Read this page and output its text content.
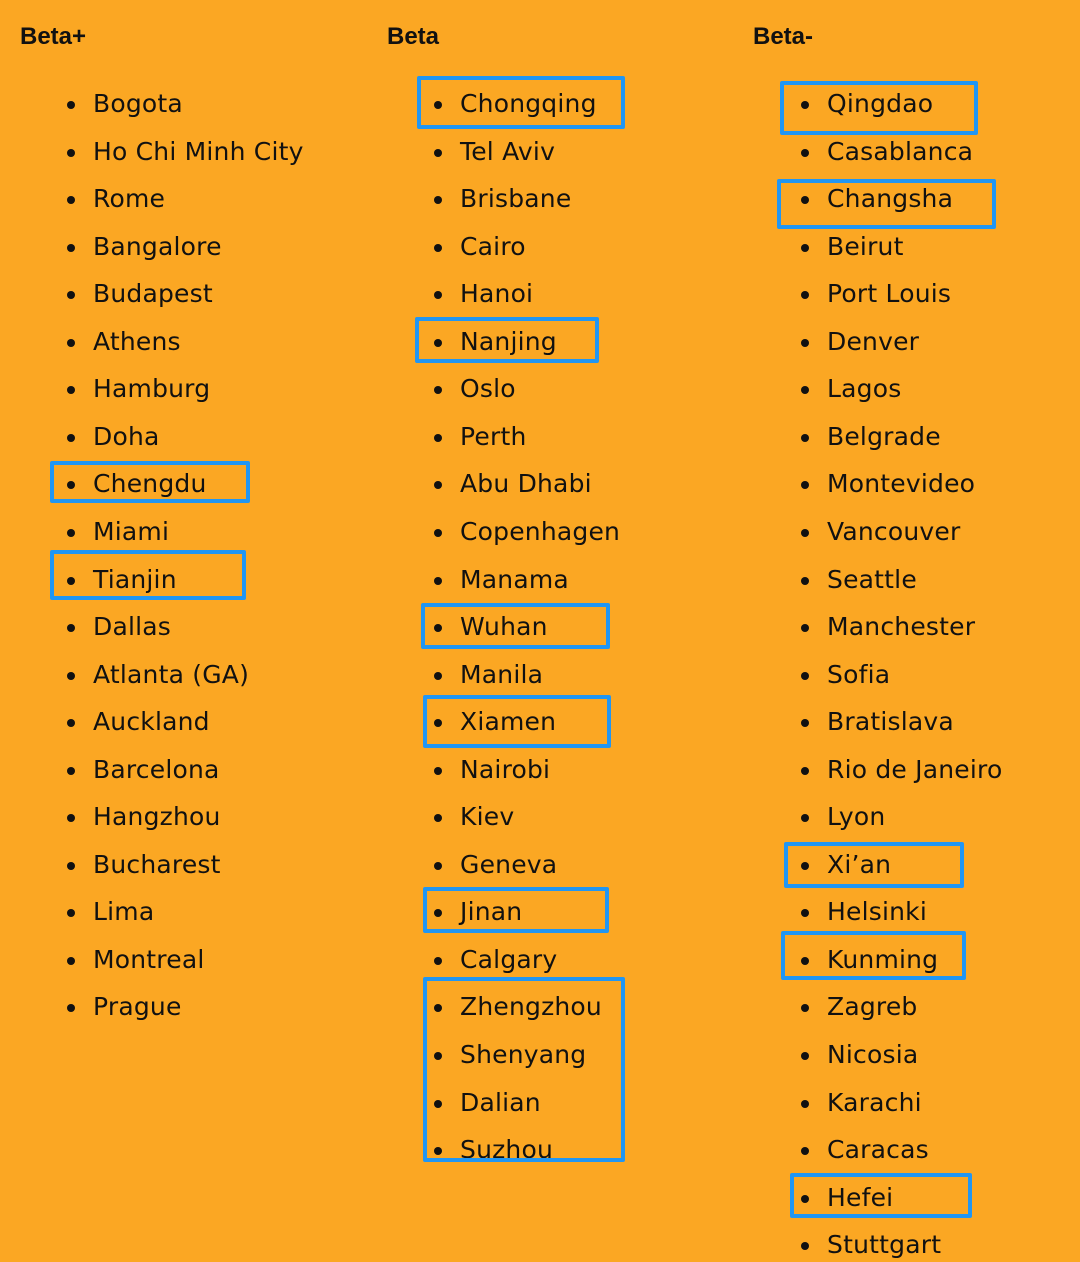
Beta+	Beta	Beta-
Bogota
Ho Chi Minh City
Rome
Bangalore
Budapest
Athens
Hamburg
Doha
Chengdu
Miami
Tianjin
Dallas
Atlanta (GA)
Auckland
Barcelona
Hangzhou
Bucharest
Lima
Montreal
Prague
Chongqing
Tel Aviv
Brisbane
Cairo
Hanoi
Nanjing
Oslo
Perth
Abu Dhabi
Copenhagen
Manama
Wuhan
Manila
Xiamen
Nairobi
Kiev
Geneva
Jinan
Calgary
Zhengzhou
Shenyang
Dalian
Suzhou
Qingdao
Casablanca
Changsha
Beirut
Port Louis
Denver
Lagos
Belgrade
Montevideo
Vancouver
Seattle
Manchester
Sofia
Bratislava
Rio de Janeiro
Lyon
Xi’an
Helsinki
Kunming
Zagreb
Nicosia
Karachi
Caracas
Hefei
Stuttgart
